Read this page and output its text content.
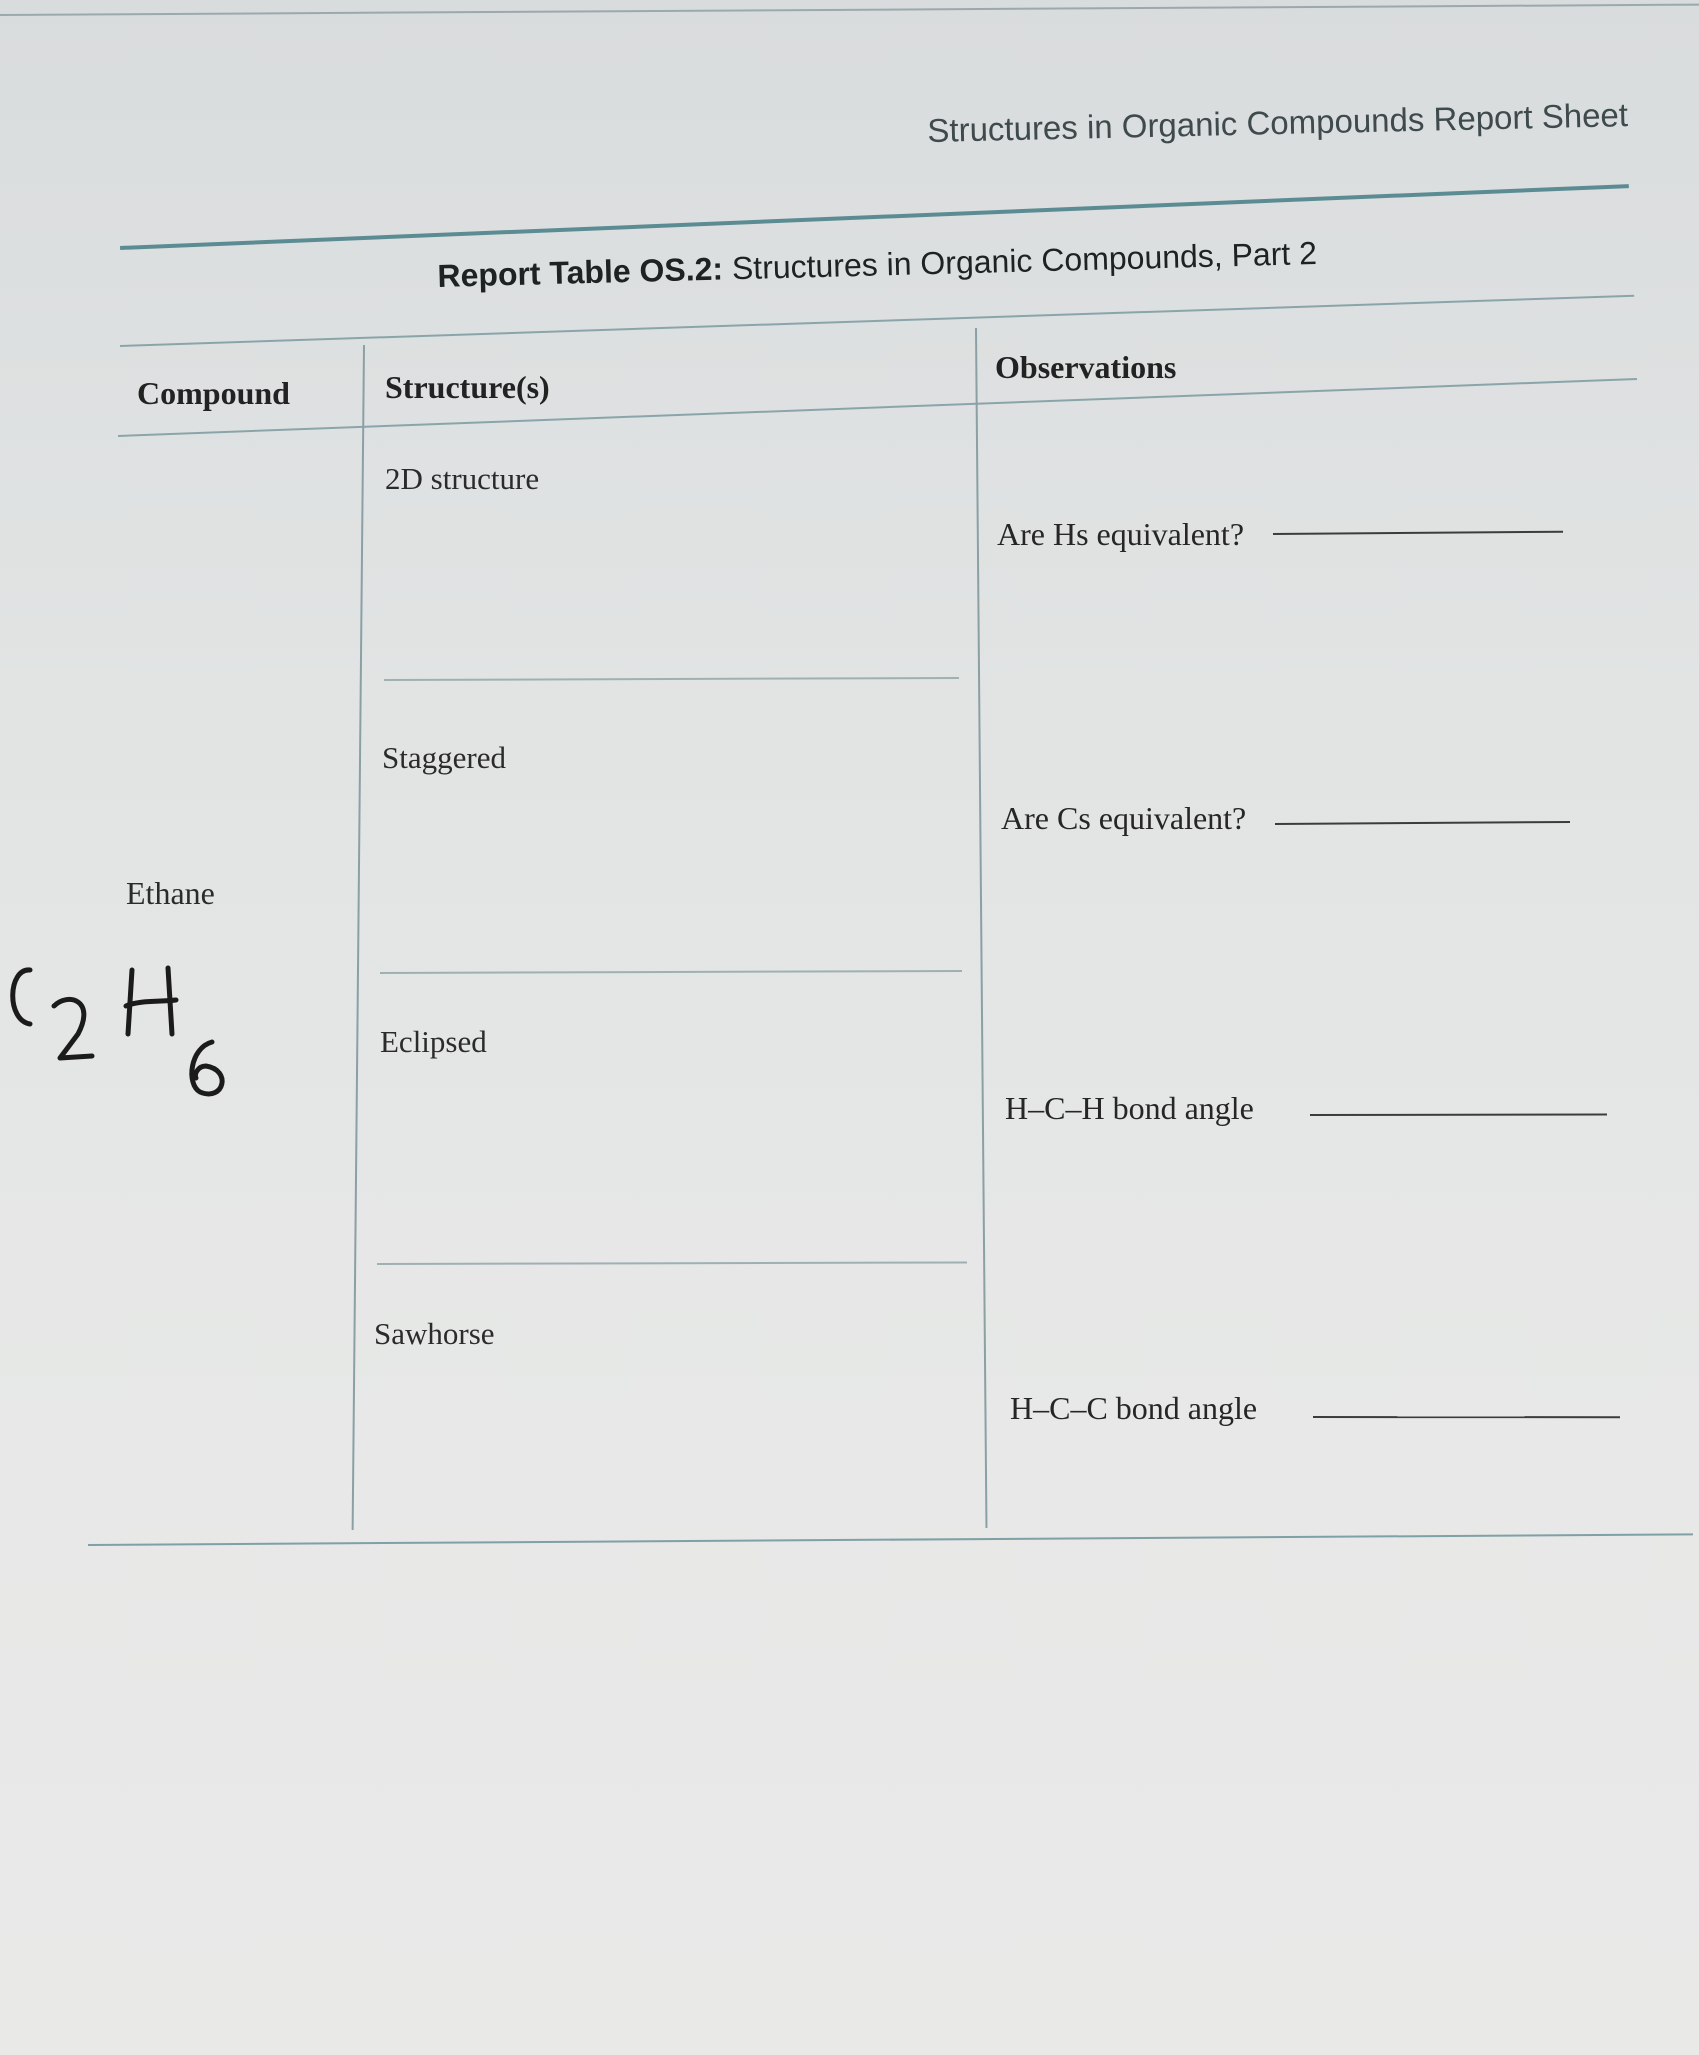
Structures in Organic Compounds Report Sheet
Report Table OS.2: Structures in Organic Compounds, Part 2
Compound	Structure(s)
Observations
Ethane
2D structure
Staggered
Eclipsed
Sawhorse
Are Hs equivalent?
Are Cs equivalent?
H–C–H bond angle
H–C–C bond angle
